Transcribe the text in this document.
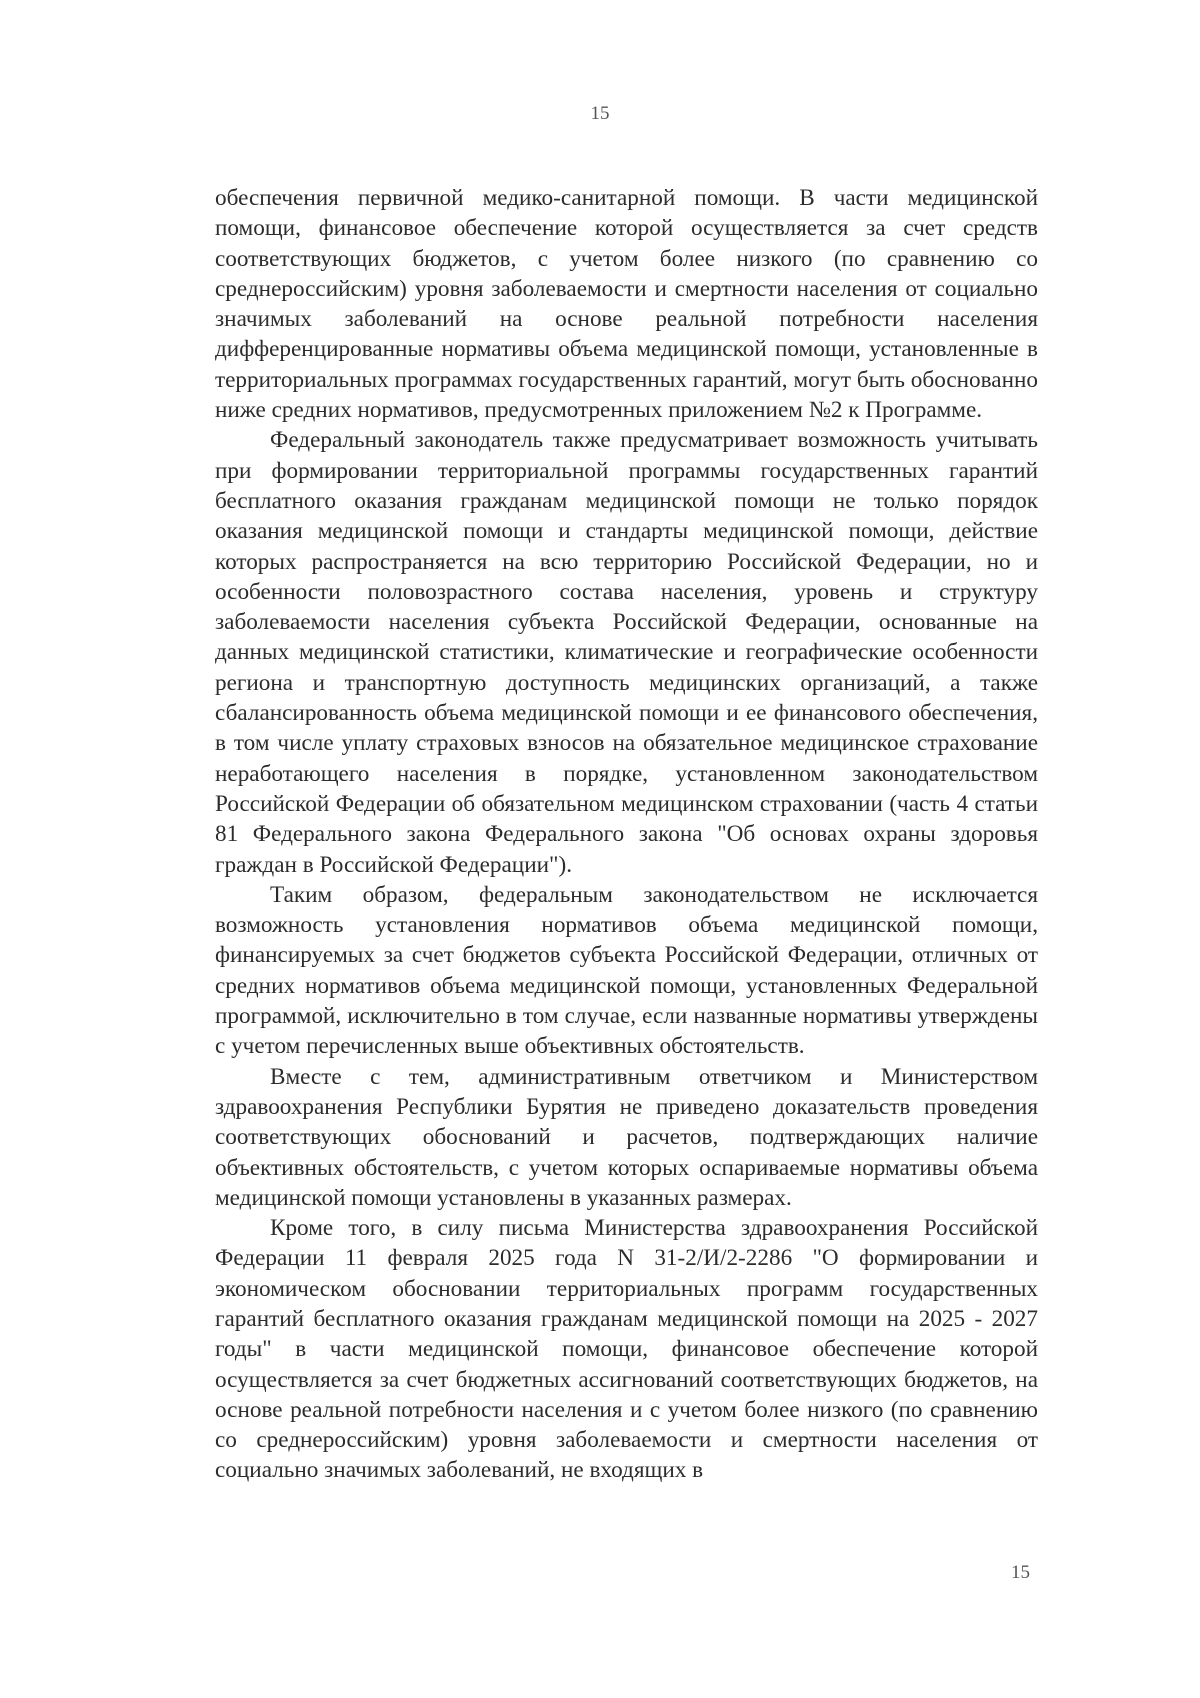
15

обеспечения первичной медико-санитарной помощи. В части медицинской помощи, финансовое обеспечение которой осуществляется за счет средств соответствующих бюджетов, с учетом более низкого (по сравнению со среднероссийским) уровня заболеваемости и смертности населения от социально значимых заболеваний на основе реальной потребности населения дифференцированные нормативы объема медицинской помощи, установленные в территориальных программах государственных гарантий, могут быть обоснованно ниже средних нормативов, предусмотренных приложением №2 к Программе.

Федеральный законодатель также предусматривает возможность учитывать при формировании территориальной программы государственных гарантий бесплатного оказания гражданам медицинской помощи не только порядок оказания медицинской помощи и стандарты медицинской помощи, действие которых распространяется на всю территорию Российской Федерации, но и особенности половозрастного состава населения, уровень и структуру заболеваемости населения субъекта Российской Федерации, основанные на данных медицинской статистики, климатические и географические особенности региона и транспортную доступность медицинских организаций, а также сбалансированность объема медицинской помощи и ее финансового обеспечения, в том числе уплату страховых взносов на обязательное медицинское страхование неработающего населения в порядке, установленном законодательством Российской Федерации об обязательном медицинском страховании (часть 4 статьи 81 Федерального закона Федерального закона "Об основах охраны здоровья граждан в Российской Федерации").

Таким образом, федеральным законодательством не исключается возможность установления нормативов объема медицинской помощи, финансируемых за счет бюджетов субъекта Российской Федерации, отличных от средних нормативов объема медицинской помощи, установленных Федеральной программой, исключительно в том случае, если названные нормативы утверждены с учетом перечисленных выше объективных обстоятельств.

Вместе с тем, административным ответчиком и Министерством здравоохранения Республики Бурятия не приведено доказательств проведения соответствующих обоснований и расчетов, подтверждающих наличие объективных обстоятельств, с учетом которых оспариваемые нормативы объема медицинской помощи установлены в указанных размерах.

Кроме того, в силу письма Министерства здравоохранения Российской Федерации 11 февраля 2025 года N 31-2/И/2-2286 "О формировании и экономическом обосновании территориальных программ государственных гарантий бесплатного оказания гражданам медицинской помощи на 2025 - 2027 годы" в части медицинской помощи, финансовое обеспечение которой осуществляется за счет бюджетных ассигнований соответствующих бюджетов, на основе реальной потребности населения и с учетом более низкого (по сравнению со среднероссийским) уровня заболеваемости и смертности населения от социально значимых заболеваний, не входящих в

15
